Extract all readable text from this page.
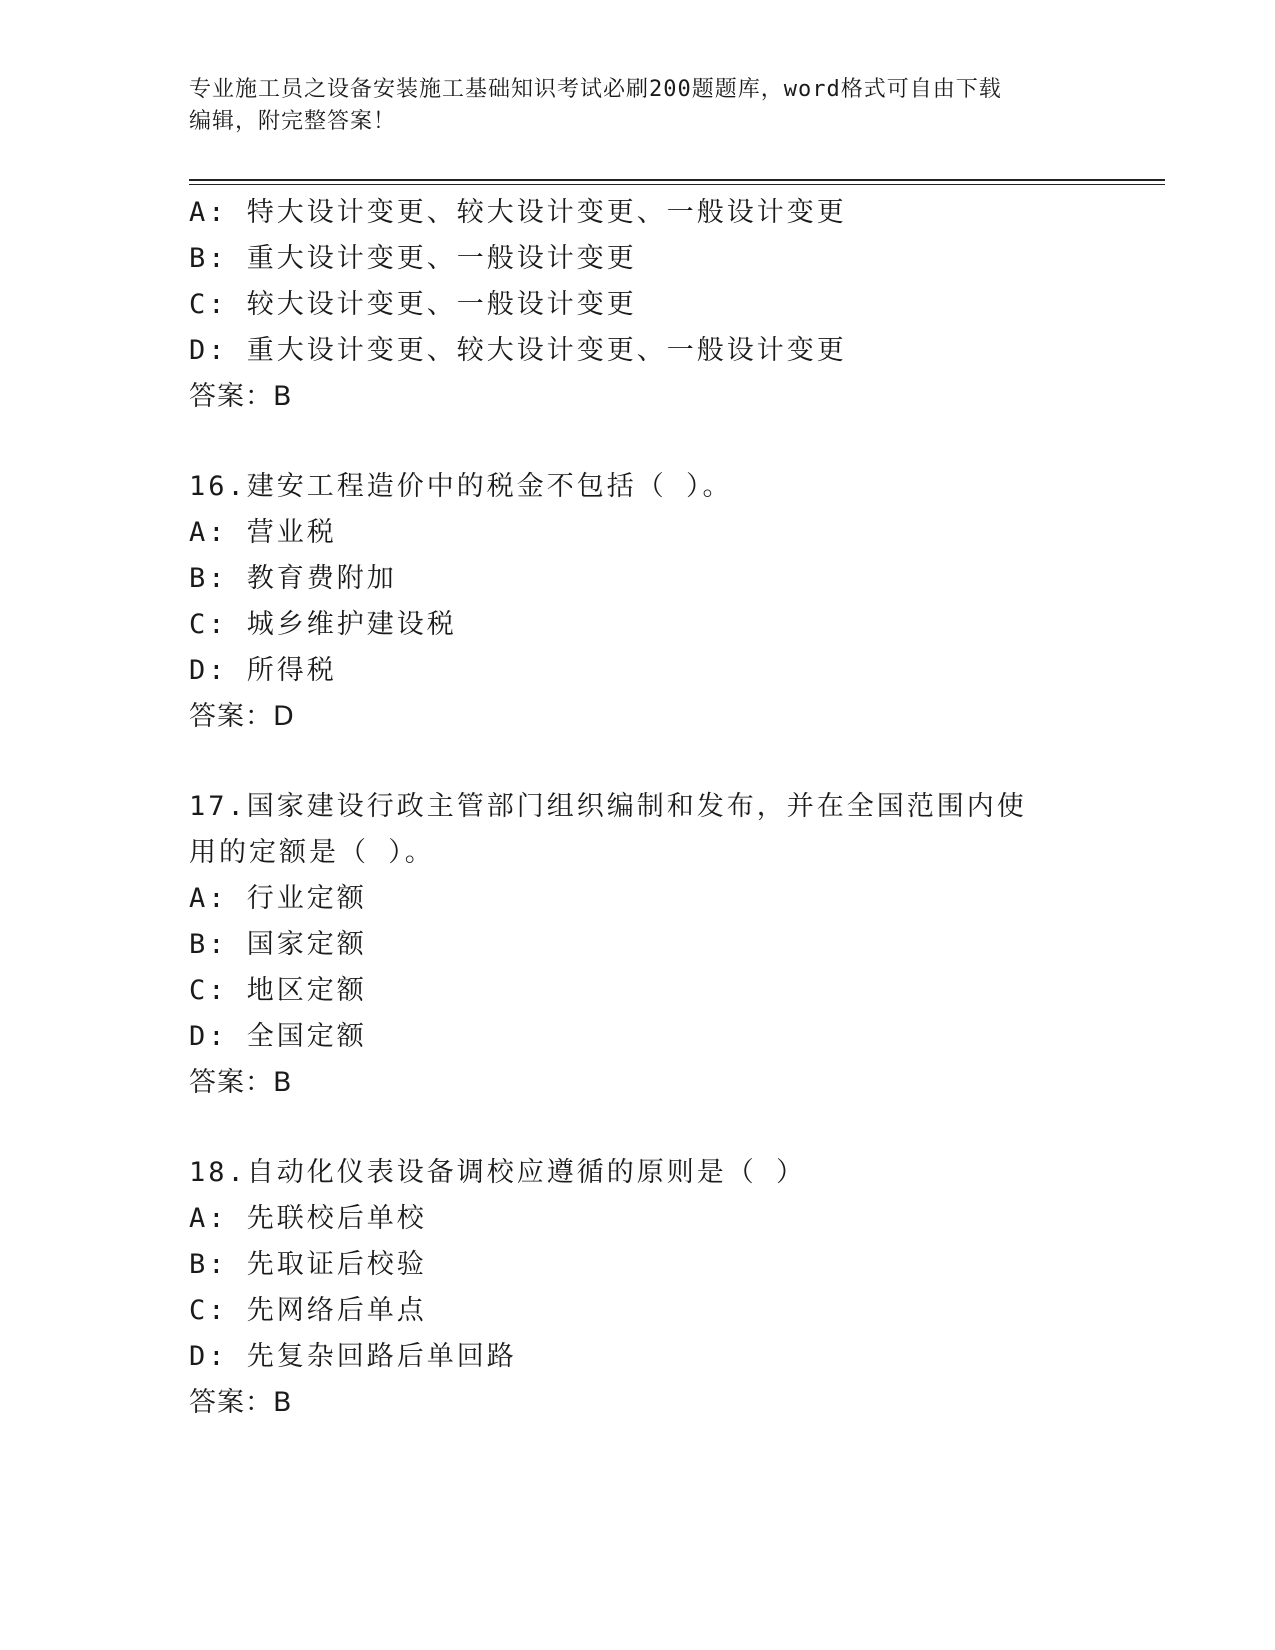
专业施工员之设备安装施工基础知识考试必刷200题题库，word格式可自由下载
编辑，附完整答案！
A: 特大设计变更、较大设计变更、一般设计变更
B: 重大设计变更、一般设计变更
C: 较大设计变更、一般设计变更
D: 重大设计变更、较大设计变更、一般设计变更
答案：B
16.建安工程造价中的税金不包括（ ）。
A: 营业税
B: 教育费附加
C: 城乡维护建设税
D: 所得税
答案：D
17.国家建设行政主管部门组织编制和发布，并在全国范围内使用的定额是（ ）。
A: 行业定额
B: 国家定额
C: 地区定额
D: 全国定额
答案：B
18.自动化仪表设备调校应遵循的原则是（ ）
A: 先联校后单校
B: 先取证后校验
C: 先网络后单点
D: 先复杂回路后单回路
答案：B
